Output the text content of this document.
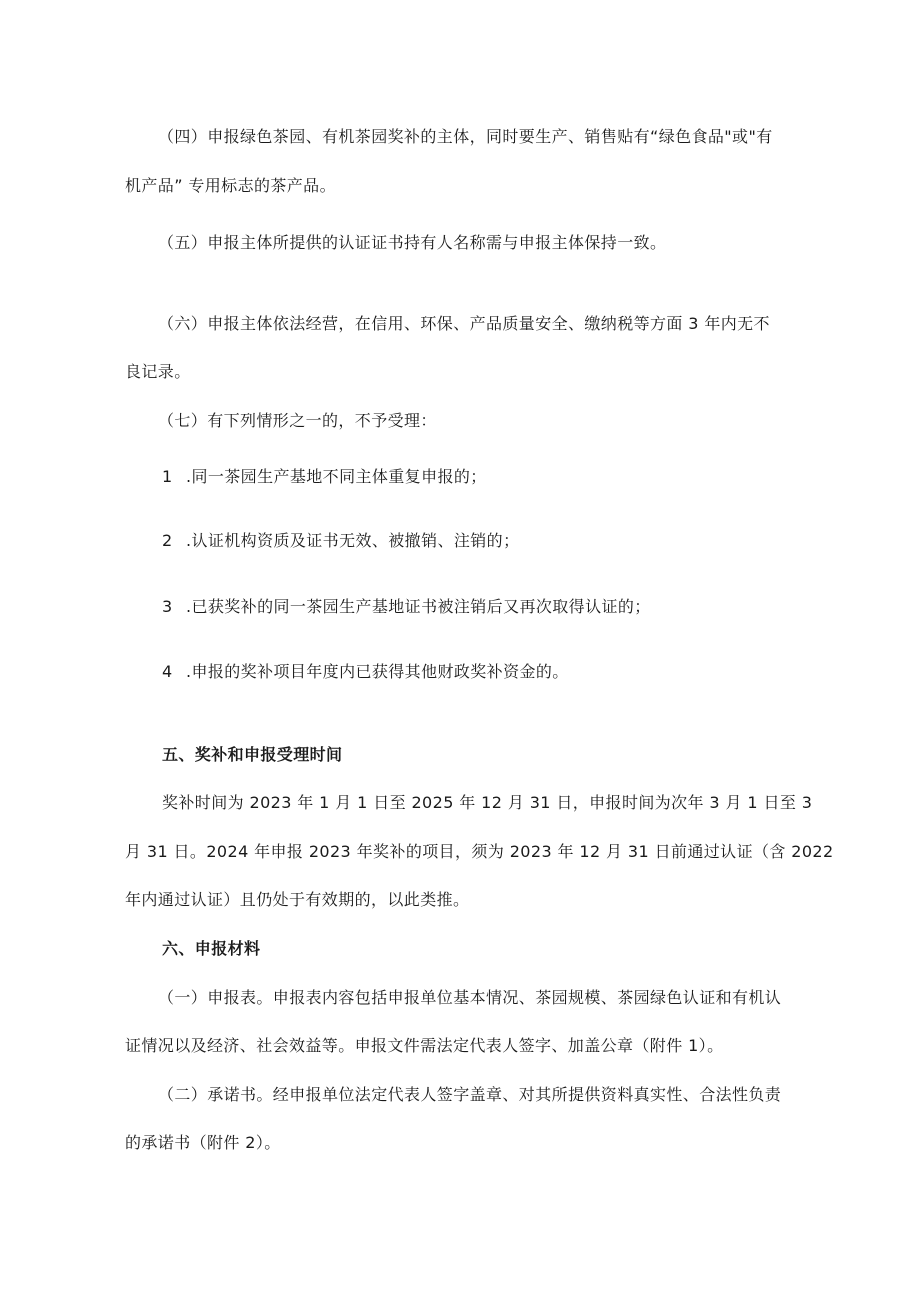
（四）申报绿色茶园、有机茶园奖补的主体，同时要生产、销售贴有“绿色食品"或"有
机产品” 专用标志的茶产品。
（五）申报主体所提供的认证证书持有人名称需与申报主体保持一致。
（六）申报主体依法经营，在信用、环保、产品质量安全、缴纳税等方面 3 年内无不
良记录。
（七）有下列情形之一的，不予受理：
1 .同一茶园生产基地不同主体重复申报的；
2 .认证机构资质及证书无效、被撤销、注销的；
3 .已获奖补的同一茶园生产基地证书被注销后又再次取得认证的；
4 .申报的奖补项目年度内已获得其他财政奖补资金的。
五、奖补和申报受理时间
奖补时间为 2023 年 1 月 1 日至 2025 年 12 月 31 日，申报时间为次年 3 月 1 日至 3
月 31 日。2024 年申报 2023 年奖补的项目，须为 2023 年 12 月 31 日前通过认证（含 2022
年内通过认证）且仍处于有效期的，以此类推。
六、申报材料
（一）申报表。申报表内容包括申报单位基本情况、茶园规模、茶园绿色认证和有机认
证情况以及经济、社会效益等。申报文件需法定代表人签字、加盖公章（附件 1）。
（二）承诺书。经申报单位法定代表人签字盖章、对其所提供资料真实性、合法性负责
的承诺书（附件 2）。
